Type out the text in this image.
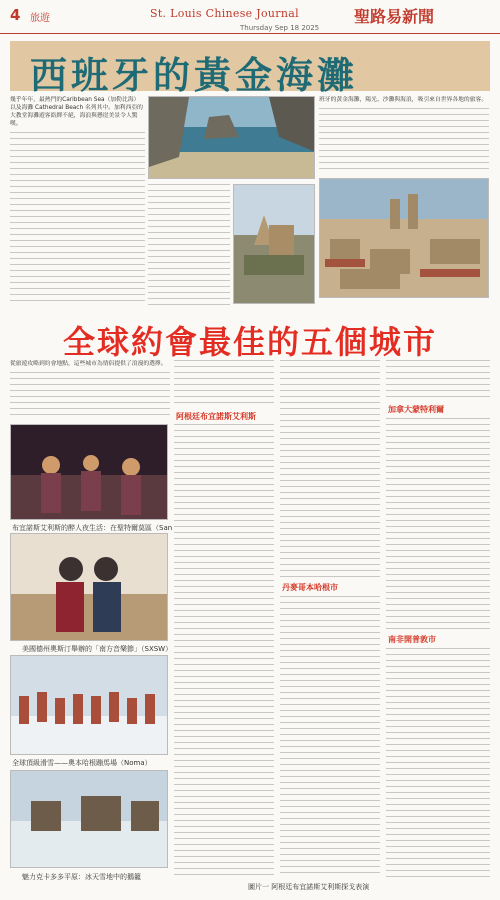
4 旅遊	St. Louis Chinese Journal	聖路易新聞
Thursday Sep 18 2025
西班牙的黃金海灘

幾乎年年，最熱門的Caribbean Sea（加勒比海）以及海灘 Cathedral Beach 名列其中。加利西亞的大教堂海灘遊客絡繹不絕，海浪與懸崖美景令人驚嘆。

班牙的黃金海灘，陽光、沙灘與海浪，吸引來自世界各地的旅客。

全球約會最佳的五個城市

從旅遊攻略到約會地點，這些城市為情侶提供了浪漫的選擇。

布宜諾斯艾利斯的醉人夜生活：在聖特爾莫區（San
美國德州奧斯汀舉辦的「南方音樂節」（SXSW）
全球頂級滑雪——奧本哈根蹦馬場（Noma）
魅力克卡多多平原：冰天雪地中的鵝籠
阿根廷布宜諾斯艾利斯
丹麥哥本哈根市
加拿大蒙特利爾
南非開普敦市
圖片一 阿根廷布宜諾斯艾利斯探戈表演
